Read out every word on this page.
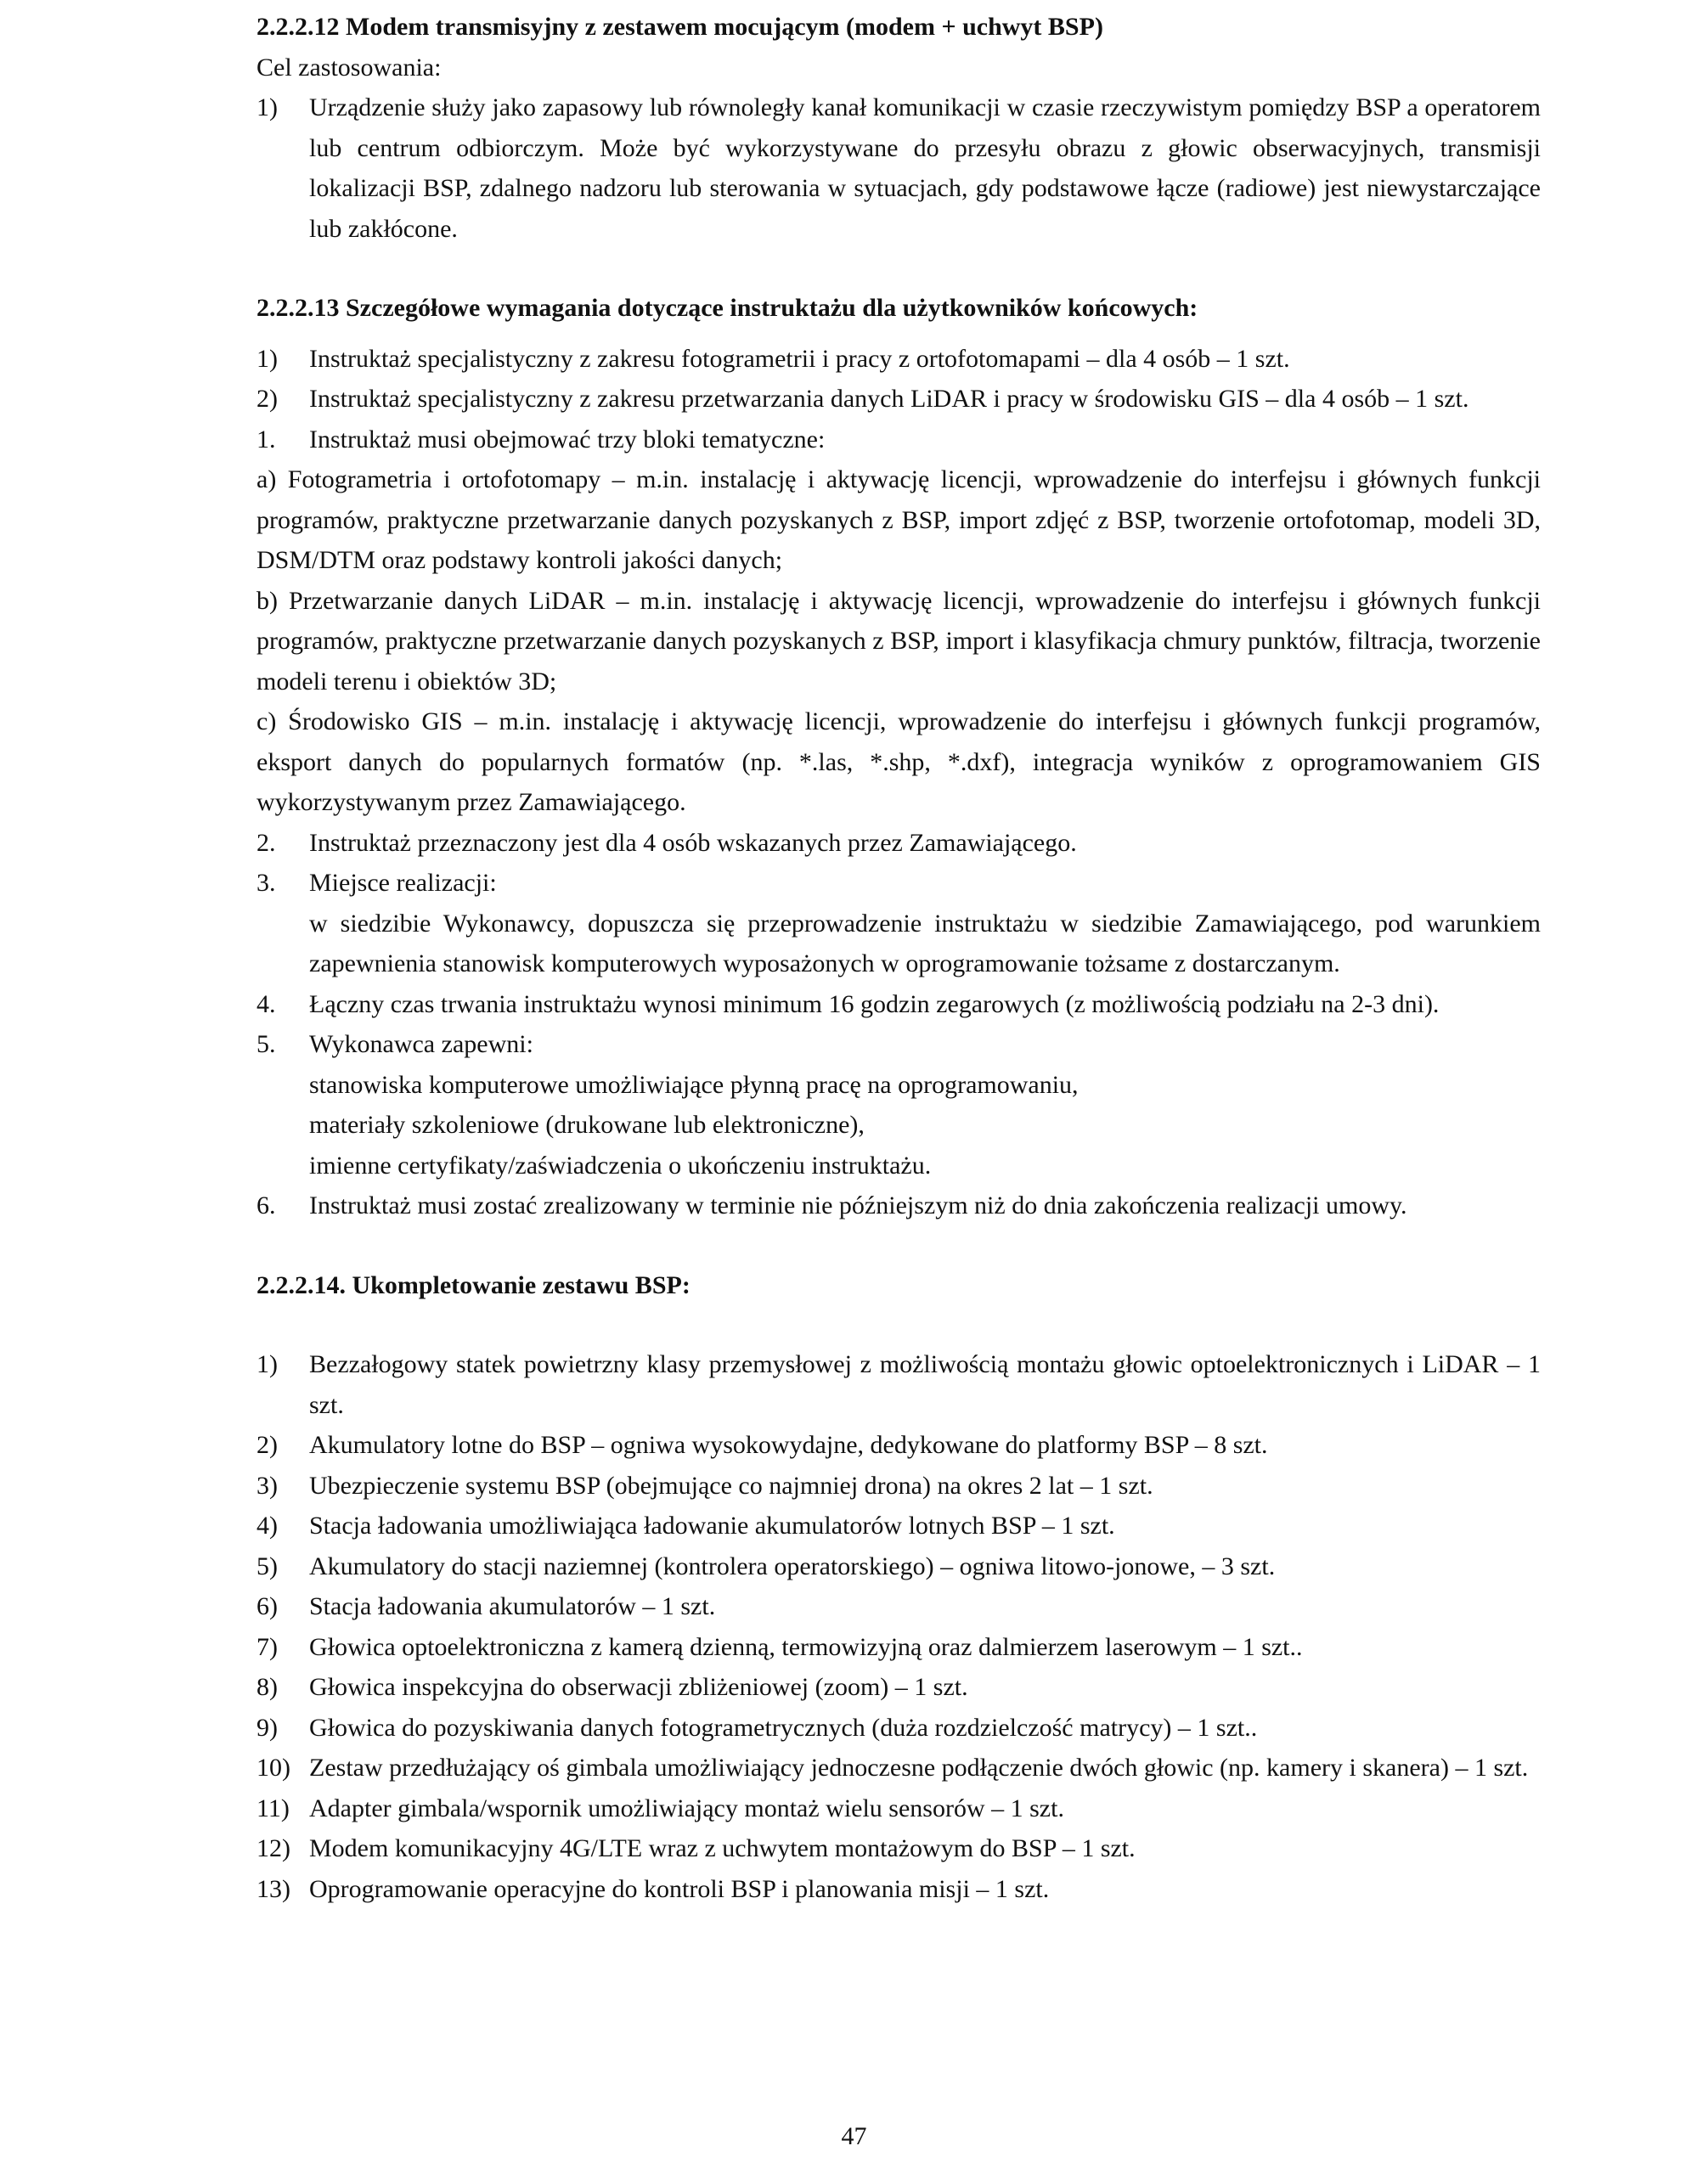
2.2.2.12 Modem transmisyjny z zestawem mocującym (modem + uchwyt BSP)

Cel zastosowania:

1)	Urządzenie służy jako zapasowy lub równoległy kanał komunikacji w czasie rzeczywistym pomiędzy BSP a operatorem lub centrum odbiorczym. Może być wykorzystywane do przesyłu obrazu z głowic obserwacyjnych, transmisji lokalizacji BSP, zdalnego nadzoru lub sterowania w sytuacjach, gdy podstawowe łącze (radiowe) jest niewystarczające lub zakłócone.

2.2.2.13 Szczegółowe wymagania dotyczące instruktażu dla użytkowników końcowych:

1)	Instruktaż specjalistyczny z zakresu fotogrametrii i pracy z ortofotomapami – dla 4 osób – 1 szt.
2)	Instruktaż specjalistyczny z zakresu przetwarzania danych LiDAR i pracy w środowisku GIS – dla 4 osób – 1 szt.
1.	Instruktaż musi obejmować trzy bloki tematyczne:

a) Fotogrametria i ortofotomapy – m.in. instalację i aktywację licencji, wprowadzenie do interfejsu i głównych funkcji programów, praktyczne przetwarzanie danych pozyskanych z BSP, import zdjęć z BSP, tworzenie ortofotomap, modeli 3D, DSM/DTM oraz podstawy kontroli jakości danych;

b) Przetwarzanie danych LiDAR – m.in. instalację i aktywację licencji, wprowadzenie do interfejsu i głównych funkcji programów, praktyczne przetwarzanie danych pozyskanych z BSP, import i klasyfikacja chmury punktów, filtracja, tworzenie modeli terenu i obiektów 3D;

c) Środowisko GIS – m.in. instalację i aktywację licencji, wprowadzenie do interfejsu i głównych funkcji programów, eksport danych do popularnych formatów (np. *.las, *.shp, *.dxf), integracja wyników z oprogramowaniem GIS wykorzystywanym przez Zamawiającego.

2.	Instruktaż przeznaczony jest dla 4 osób wskazanych przez Zamawiającego.
3.	Miejsce realizacji:

w siedzibie Wykonawcy, dopuszcza się przeprowadzenie instruktażu w siedzibie Zamawiającego, pod warunkiem zapewnienia stanowisk komputerowych wyposażonych w oprogramowanie tożsame z dostarczanym.

4.	Łączny czas trwania instruktażu wynosi minimum 16 godzin zegarowych (z możliwością podziału na 2-3 dni).
5.	Wykonawca zapewni:

stanowiska komputerowe umożliwiające płynną pracę na oprogramowaniu,

materiały szkoleniowe (drukowane lub elektroniczne),

imienne certyfikaty/zaświadczenia o ukończeniu instruktażu.

6.	Instruktaż musi zostać zrealizowany w terminie nie późniejszym niż do dnia zakończenia realizacji umowy.

2.2.2.14. Ukompletowanie zestawu BSP:

1)	Bezzałogowy statek powietrzny klasy przemysłowej z możliwością montażu głowic optoelektronicznych i LiDAR – 1 szt.
2)	Akumulatory lotne do BSP – ogniwa wysokowydajne, dedykowane do platformy BSP – 8 szt.
3)	Ubezpieczenie systemu BSP (obejmujące co najmniej drona) na okres 2 lat – 1 szt.
4)	Stacja ładowania umożliwiająca ładowanie akumulatorów lotnych BSP – 1 szt.
5)	Akumulatory do stacji naziemnej (kontrolera operatorskiego) – ogniwa litowo-jonowe, – 3 szt.
6)	Stacja ładowania akumulatorów – 1 szt.
7)	Głowica optoelektroniczna z kamerą dzienną, termowizyjną oraz dalmierzem laserowym – 1 szt..
8)	Głowica inspekcyjna do obserwacji zbliżeniowej (zoom) – 1 szt.
9)	Głowica do pozyskiwania danych fotogrametrycznych (duża rozdzielczość matrycy) – 1 szt..
10) Zestaw przedłużający oś gimbala umożliwiający jednoczesne podłączenie dwóch głowic (np. kamery i skanera) – 1 szt.
11) Adapter gimbala/wspornik umożliwiający montaż wielu sensorów – 1 szt.
12) Modem komunikacyjny 4G/LTE wraz z uchwytem montażowym do BSP – 1 szt.
13) Oprogramowanie operacyjne do kontroli BSP i planowania misji – 1 szt.
47
